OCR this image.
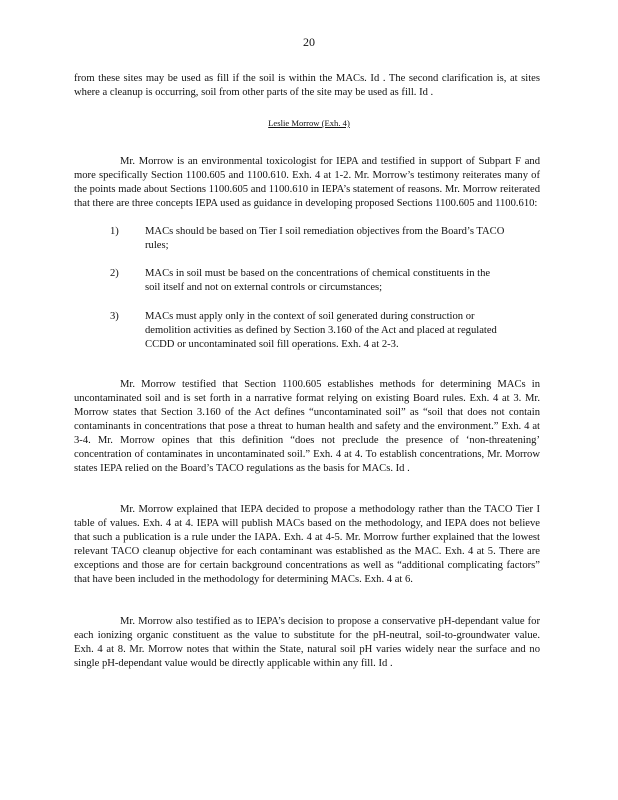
20

from these sites may be used as fill if the soil is within the MACs. Id . The second clarification is, at sites where a cleanup is occurring, soil from other parts of the site may be used as fill. Id .

Leslie Morrow (Exh. 4)

Mr. Morrow is an environmental toxicologist for IEPA and testified in support of Subpart F and more specifically Section 1100.605 and 1100.610. Exh. 4 at 1-2. Mr. Morrow’s testimony reiterates many of the points made about Sections 1100.605 and 1100.610 in IEPA’s statement of reasons. Mr. Morrow reiterated that there are three concepts IEPA used as guidance in developing proposed Sections 1100.605 and 1100.610:

1)	MACs should be based on Tier I soil remediation objectives from the Board’s TACO rules;
2)	MACs in soil must be based on the concentrations of chemical constituents in the soil itself and not on external controls or circumstances;
3)	MACs must apply only in the context of soil generated during construction or demolition activities as defined by Section 3.160 of the Act and placed at regulated CCDD or uncontaminated soil fill operations. Exh. 4 at 2-3.

Mr. Morrow testified that Section 1100.605 establishes methods for determining MACs in uncontaminated soil and is set forth in a narrative format relying on existing Board rules. Exh. 4 at 3. Mr. Morrow states that Section 3.160 of the Act defines “uncontaminated soil” as “soil that does not contain contaminants in concentrations that pose a threat to human health and safety and the environment.” Exh. 4 at 3-4. Mr. Morrow opines that this definition “does not preclude the presence of ‘non-threatening’ concentration of contaminates in uncontaminated soil.” Exh. 4 at 4. To establish concentrations, Mr. Morrow states IEPA relied on the Board’s TACO regulations as the basis for MACs. Id .

Mr. Morrow explained that IEPA decided to propose a methodology rather than the TACO Tier I table of values. Exh. 4 at 4. IEPA will publish MACs based on the methodology, and IEPA does not believe that such a publication is a rule under the IAPA. Exh. 4 at 4-5. Mr. Morrow further explained that the lowest relevant TACO cleanup objective for each contaminant was established as the MAC. Exh. 4 at 5. There are exceptions and those are for certain background concentrations as well as “additional complicating factors” that have been included in the methodology for determining MACs. Exh. 4 at 6.

Mr. Morrow also testified as to IEPA’s decision to propose a conservative pH-dependant value for each ionizing organic constituent as the value to substitute for the pH-neutral, soil-to-groundwater value. Exh. 4 at 8. Mr. Morrow notes that within the State, natural soil pH varies widely near the surface and no single pH-dependant value would be directly applicable within any fill. Id .
